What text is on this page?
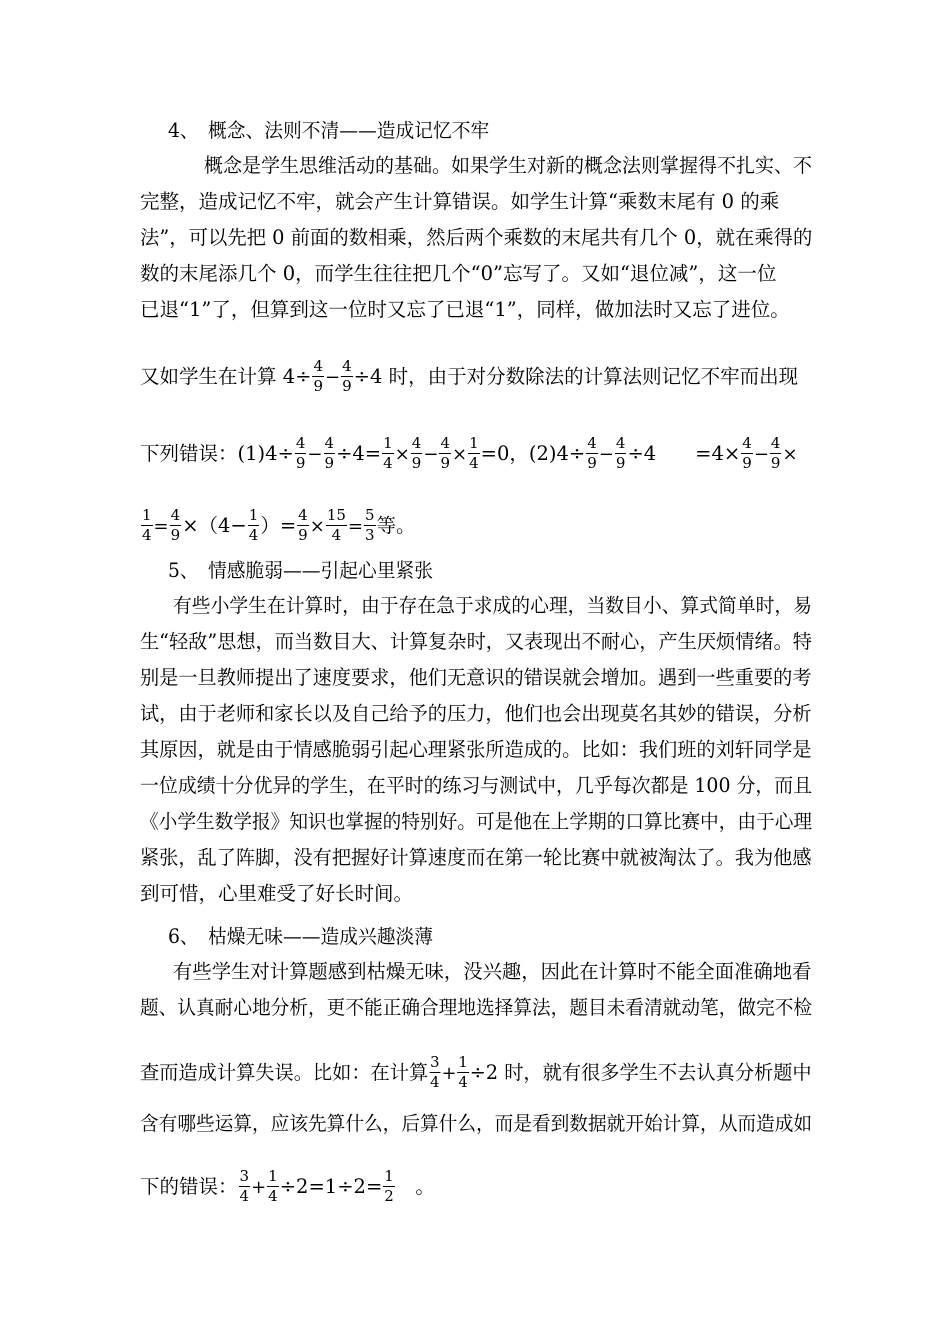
4、　概念、法则不清——造成记忆不牢
概念是学生思维活动的基础。如果学生对新的概念法则掌握得不扎实、不
完整，造成记忆不牢，就会产生计算错误。如学生计算“乘数末尾有 0 的乘
法”，可以先把 0 前面的数相乘，然后两个乘数的末尾共有几个 0，就在乘得的
数的末尾添几个 0，而学生往往把几个“0”忘写了。又如“退位减”，这一位
已退“1”了，但算到这一位时又忘了已退“1”，同样，做加法时又忘了进位。
又如学生在计算 $4\div \frac{4}{9} - \frac{4}{9} \div 4$ 时，由于对分数除法的计算法则记忆不牢而出现
下列错误：$(1)4\div \frac{4}{9} - \frac{4}{9} \div 4= \frac{1}{4} \times \frac{4}{9} - \frac{4}{9} \times \frac{1}{4} =0$，$(2)4\div \frac{4}{9} - \frac{4}{9} \div 4$　　$=4\times \frac{4}{9} - \frac{4}{9}$ ×
$\frac{1}{4} = \frac{4}{9} \times(4- \frac{1}{4}$ ）= $\frac{4}{9} \times \frac{15}{4} = \frac{5}{3}$ 等。
5、　情感脆弱——引起心里紧张
有些小学生在计算时，由于存在急于求成的心理，当数目小、算式简单时，易
生“轻敌”思想，而当数目大、计算复杂时，又表现出不耐心，产生厌烦情绪。特
别是一旦教师提出了速度要求，他们无意识的错误就会增加。遇到一些重要的考
试，由于老师和家长以及自己给予的压力，他们也会出现莫名其妙的错误，分析
其原因，就是由于情感脆弱引起心理紧张所造成的。比如：我们班的刘轩同学是
一位成绩十分优异的学生，在平时的练习与测试中，几乎每次都是 100 分，而且
《小学生数学报》知识也掌握的特别好。可是他在上学期的口算比赛中，由于心理
紧张，乱了阵脚，没有把握好计算速度而在第一轮比赛中就被淘汰了。我为他感
到可惜，心里难受了好长时间。
6、　枯燥无味——造成兴趣淡薄
有些学生对计算题感到枯燥无味，没兴趣，因此在计算时不能全面准确地看
题、认真耐心地分析，更不能正确合理地选择算法，题目未看清就动笔，做完不检
查而造成计算失误。比如：在计算 $\frac{3}{4} + \frac{1}{4} \div 2$ 时，就有很多学生不去认真分析题中
含有哪些运算，应该先算什么，后算什么，而是看到数据就开始计算，从而造成如
下的错误： $\frac{3}{4} + \frac{1}{4} \div 2=1\div 2= \frac{1}{2}$ 　。
